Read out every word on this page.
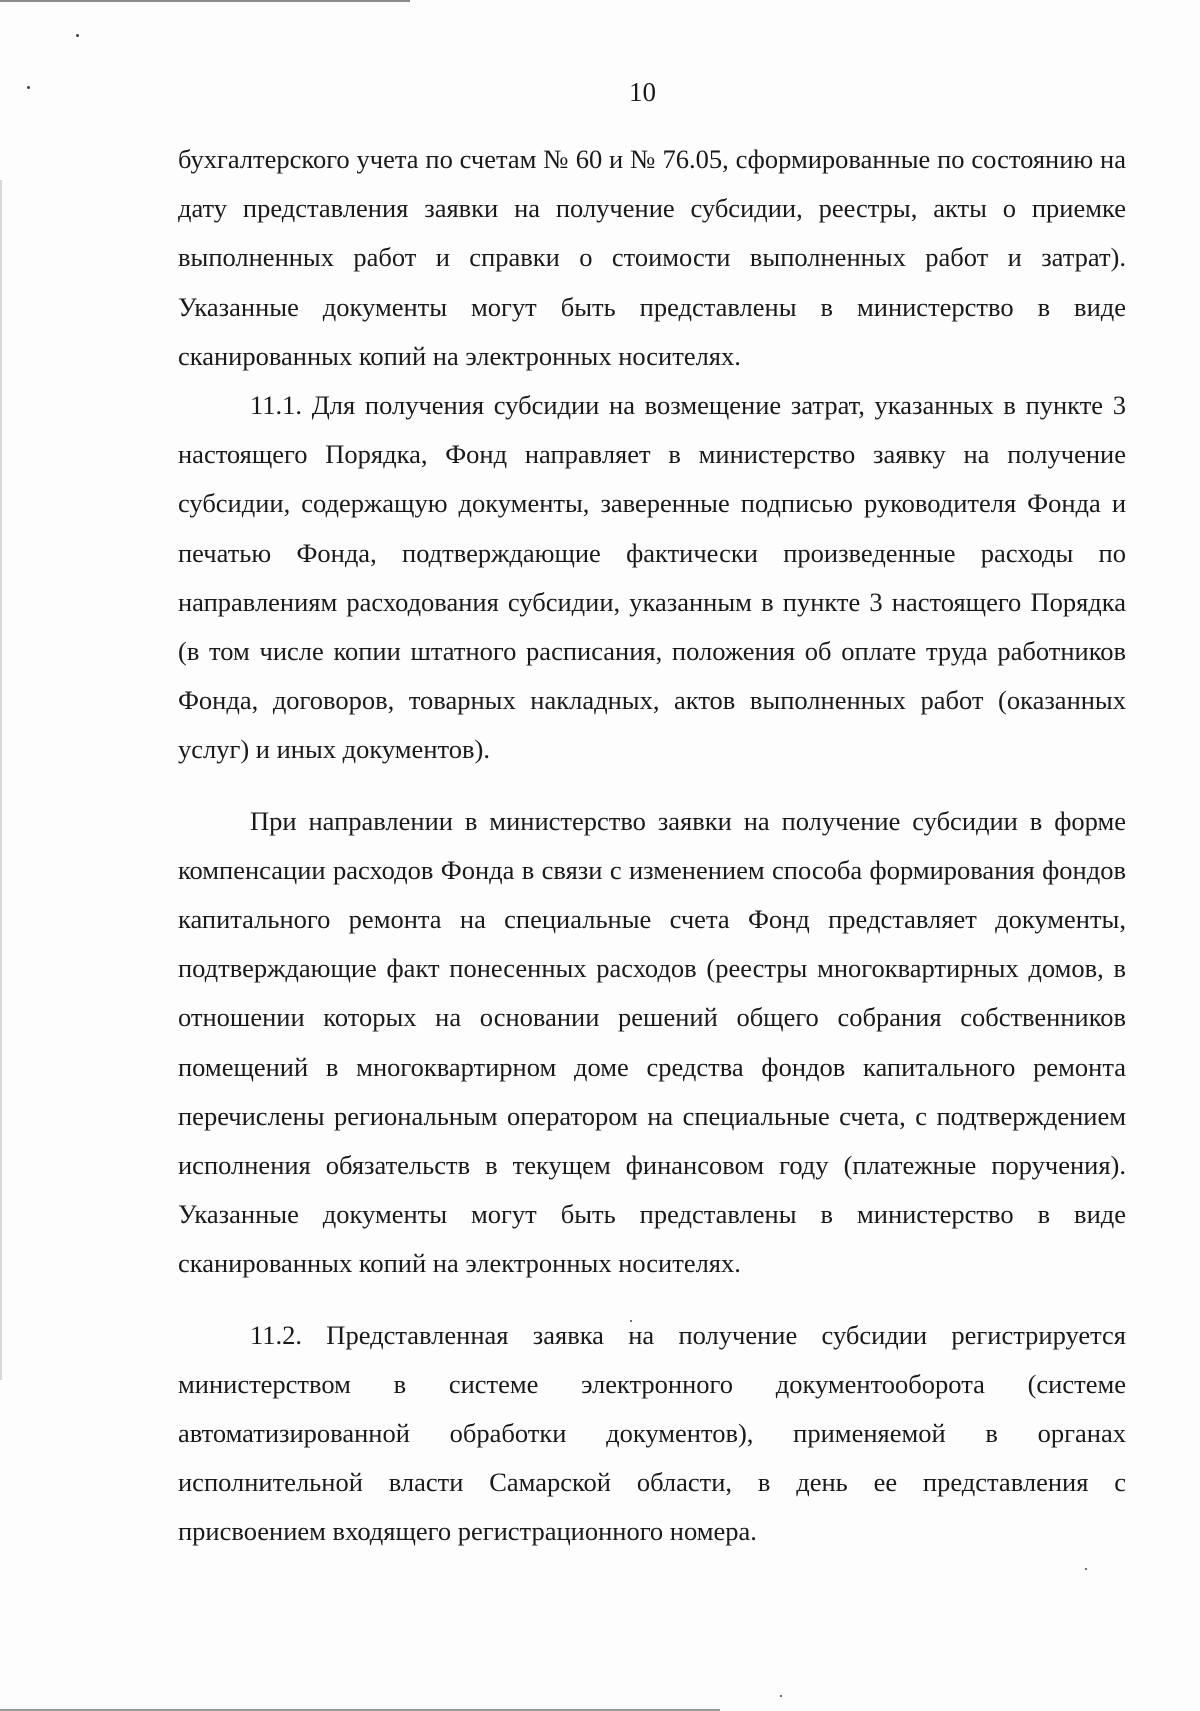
10

бухгалтерского учета по счетам № 60 и № 76.05, сформированные по состоянию на дату представления заявки на получение субсидии, реестры, акты о приемке выполненных работ и справки о стоимости выполненных работ и затрат). Указанные документы могут быть представлены в министерство в виде сканированных копий на электронных носителях.

11.1. Для получения субсидии на возмещение затрат, указанных в пункте 3 настоящего Порядка, Фонд направляет в министерство заявку на получение субсидии, содержащую документы, заверенные подписью руководителя Фонда и печатью Фонда, подтверждающие фактически произведенные расходы по направлениям расходования субсидии, указанным в пункте 3 настоящего Порядка (в том числе копии штатного расписания, положения об оплате труда работников Фонда, договоров, товарных накладных, актов выполненных работ (оказанных услуг) и иных документов).

При направлении в министерство заявки на получение субсидии в форме компенсации расходов Фонда в связи с изменением способа формирования фондов капитального ремонта на специальные счета Фонд представляет документы, подтверждающие факт понесенных расходов (реестры многоквартирных домов, в отношении которых на основании решений общего собрания собственников помещений в многоквартирном доме средства фондов капитального ремонта перечислены региональным оператором на специальные счета, с подтверждением исполнения обязательств в текущем финансовом году (платежные поручения). Указанные документы могут быть представлены в министерство в виде сканированных копий на электронных носителях.

11.2. Представленная заявка на получение субсидии регистрируется министерством в системе электронного документооборота (системе автоматизированной обработки документов), применяемой в органах исполнительной власти Самарской области, в день ее представления с присвоением входящего регистрационного номера.
